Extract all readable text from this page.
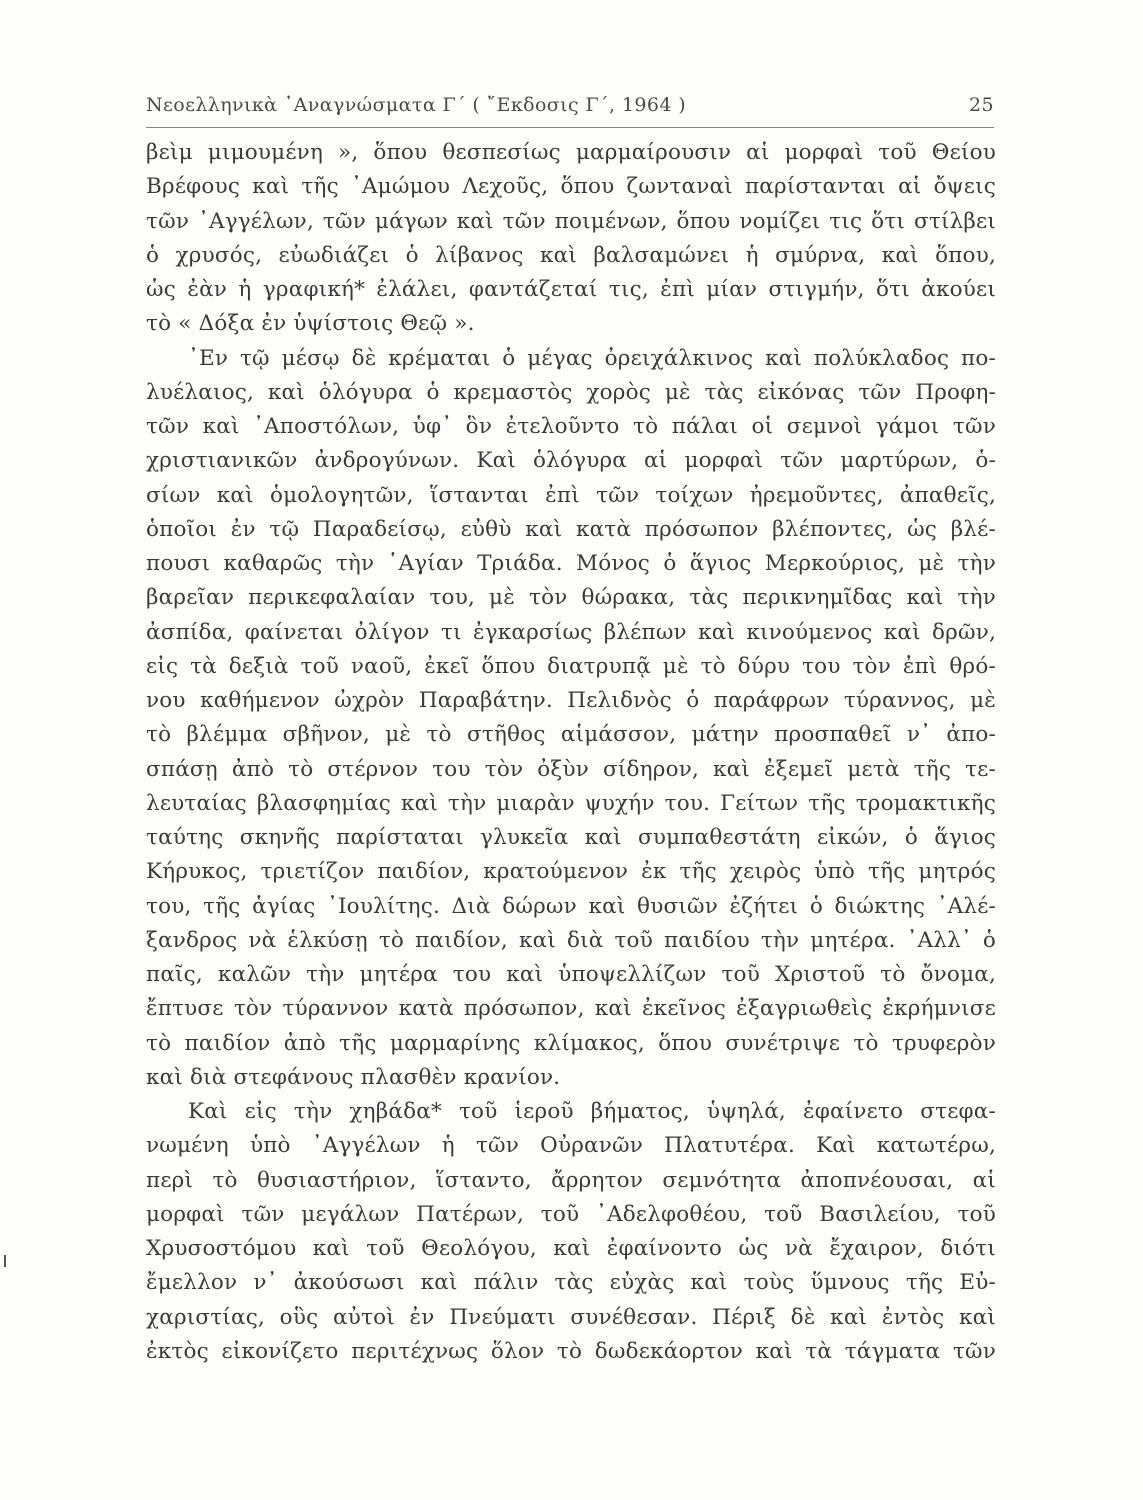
Νεοελληνικὰ ᾿Αναγνώσματα Γ΄ ( ῎Εκδοσις Γ΄, 1964 )	25
βεὶμ μιμουμένη », ὅπου θεσπεσίως μαρμαίρουσιν αἱ μορφαὶ τοῦ Θείου
Βρέφους καὶ τῆς ᾿Αμώμου Λεχοῦς, ὅπου ζωνταναὶ παρίστανται αἱ ὄψεις
τῶν ᾿Αγγέλων, τῶν μάγων καὶ τῶν ποιμένων, ὅπου νομίζει τις ὅτι στίλβει
ὁ χρυσός, εὐωδιάζει ὁ λίβανος καὶ βαλσαμώνει ἡ σμύρνα, καὶ ὅπου,
ὡς ἐὰν ἡ γραφική* ἐλάλει, φαντάζεταί τις, ἐπὶ μίαν στιγμήν, ὅτι ἀκούει
τὸ « Δόξα ἐν ὑψίστοις Θεῷ ».
᾿Εν τῷ μέσῳ δὲ κρέμαται ὁ μέγας ὀρειχάλκινος καὶ πολύκλαδος πο-
λυέλαιος, καὶ ὁλόγυρα ὁ κρεμαστὸς χορὸς μὲ τὰς εἰκόνας τῶν Προφη-
τῶν καὶ ᾿Αποστόλων, ὑφ᾿ ὃν ἐτελοῦντο τὸ πάλαι οἱ σεμνοὶ γάμοι τῶν
χριστιανικῶν ἀνδρογύνων. Καὶ ὁλόγυρα αἱ μορφαὶ τῶν μαρτύρων, ὁ-
σίων καὶ ὁμολογητῶν, ἵστανται ἐπὶ τῶν τοίχων ἠρεμοῦντες, ἀπαθεῖς,
ὁποῖοι ἐν τῷ Παραδείσῳ, εὐθὺ καὶ κατὰ πρόσωπον βλέποντες, ὡς βλέ-
πουσι καθαρῶς τὴν ῾Αγίαν Τριάδα. Μόνος ὁ ἅγιος Μερκούριος, μὲ τὴν
βαρεῖαν περικεφαλαίαν του, μὲ τὸν θώρακα, τὰς περικνημῖδας καὶ τὴν
ἀσπίδα, φαίνεται ὀλίγον τι ἐγκαρσίως βλέπων καὶ κινούμενος καὶ δρῶν,
εἰς τὰ δεξιὰ τοῦ ναοῦ, ἐκεῖ ὅπου διατρυπᾷ μὲ τὸ δύρυ του τὸν ἐπὶ θρό-
νου καθήμενον ὠχρὸν Παραβάτην. Πελιδνὸς ὁ παράφρων τύραννος, μὲ
τὸ βλέμμα σβῆνον, μὲ τὸ στῆθος αἱμάσσον, μάτην προσπαθεῖ ν᾿ ἀπο-
σπάσῃ ἀπὸ τὸ στέρνον του τὸν ὀξὺν σίδηρον, καὶ ἐξεμεῖ μετὰ τῆς τε-
λευταίας βλασφημίας καὶ τὴν μιαρὰν ψυχήν του. Γείτων τῆς τρομακτικῆς
ταύτης σκηνῆς παρίσταται γλυκεῖα καὶ συμπαθεστάτη εἰκών, ὁ ἅγιος
Κήρυκος, τριετίζον παιδίον, κρατούμενον ἐκ τῆς χειρὸς ὑπὸ τῆς μητρός
του, τῆς ἁγίας ᾿Ιουλίτης. Διὰ δώρων καὶ θυσιῶν ἐζήτει ὁ διώκτης ᾿Αλέ-
ξανδρος νὰ ἑλκύσῃ τὸ παιδίον, καὶ διὰ τοῦ παιδίου τὴν μητέρα. ᾿Αλλ᾿ ὁ
παῖς, καλῶν τὴν μητέρα του καὶ ὑποψελλίζων τοῦ Χριστοῦ τὸ ὄνομα,
ἔπτυσε τὸν τύραννον κατὰ πρόσωπον, καὶ ἐκεῖνος ἐξαγριωθεὶς ἐκρήμνισε
τὸ παιδίον ἀπὸ τῆς μαρμαρίνης κλίμακος, ὅπου συνέτριψε τὸ τρυφερὸν
καὶ διὰ στεφάνους πλασθὲν κρανίον.
Καὶ εἰς τὴν χηβάδα* τοῦ ἱεροῦ βήματος, ὑψηλά, ἐφαίνετο στεφα-
νωμένη ὑπὸ ᾿Αγγέλων ἡ τῶν Οὐρανῶν Πλατυτέρα. Καὶ κατωτέρω,
περὶ τὸ θυσιαστήριον, ἵσταντο, ἄρρητον σεμνότητα ἀποπνέουσαι, αἱ
μορφαὶ τῶν μεγάλων Πατέρων, τοῦ ᾿Αδελφοθέου, τοῦ Βασιλείου, τοῦ
Χρυσοστόμου καὶ τοῦ Θεολόγου, καὶ ἐφαίνοντο ὡς νὰ ἔχαιρον, διότι
ἔμελλον ν᾿ ἀκούσωσι καὶ πάλιν τὰς εὐχὰς καὶ τοὺς ὕμνους τῆς Εὐ-
χαριστίας, οὓς αὐτοὶ ἐν Πνεύματι συνέθεσαν. Πέριξ δὲ καὶ ἐντὸς καὶ
ἐκτὸς εἰκονίζετο περιτέχνως ὅλον τὸ δωδεκάορτον καὶ τὰ τάγματα τῶν
